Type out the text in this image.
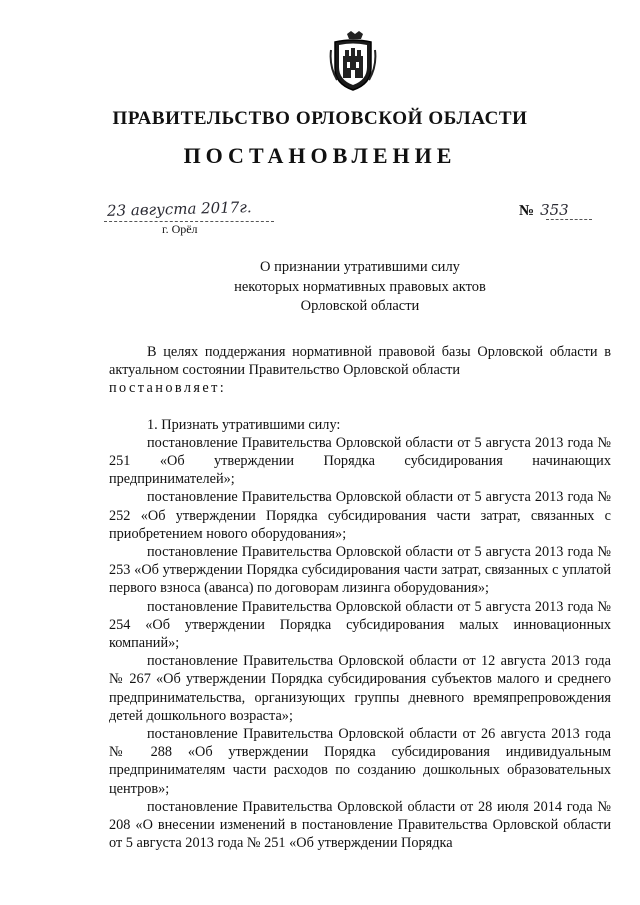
ПРАВИТЕЛЬСТВО ОРЛОВСКОЙ ОБЛАСТИ
ПОСТАНОВЛЕНИЕ
23 августа 2017г.
г. Орёл
№ 353
О признании утратившими силу
некоторых нормативных правовых актов
Орловской области

В целях поддержания нормативной правовой базы Орловской области в актуальном состоянии Правительство Орловской области

постановляет:

1. Признать утратившими силу:

постановление Правительства Орловской области от 5 августа 2013 года № 251 «Об утверждении Порядка субсидирования начинающих предпринимателей»;

постановление Правительства Орловской области от 5 августа 2013 года № 252 «Об утверждении Порядка субсидирования части затрат, связанных с приобретением нового оборудования»;

постановление Правительства Орловской области от 5 августа 2013 года № 253 «Об утверждении Порядка субсидирования части затрат, связанных с уплатой первого взноса (аванса) по договорам лизинга оборудования»;

постановление Правительства Орловской области от 5 августа 2013 года № 254 «Об утверждении Порядка субсидирования малых инновационных компаний»;

постановление Правительства Орловской области от 12 августа 2013 года № 267 «Об утверждении Порядка субсидирования субъектов малого и среднего предпринимательства, организующих группы дневного времяпрепровождения детей дошкольного возраста»;

постановление Правительства Орловской области от 26 августа 2013 года № 288 «Об утверждении Порядка субсидирования индивидуальным предпринимателям части расходов по созданию дошкольных образовательных центров»;

постановление Правительства Орловской области от 28 июля 2014 года № 208 «О внесении изменений в постановление Правительства Орловской области от 5 августа 2013 года № 251 «Об утверждении Порядка
